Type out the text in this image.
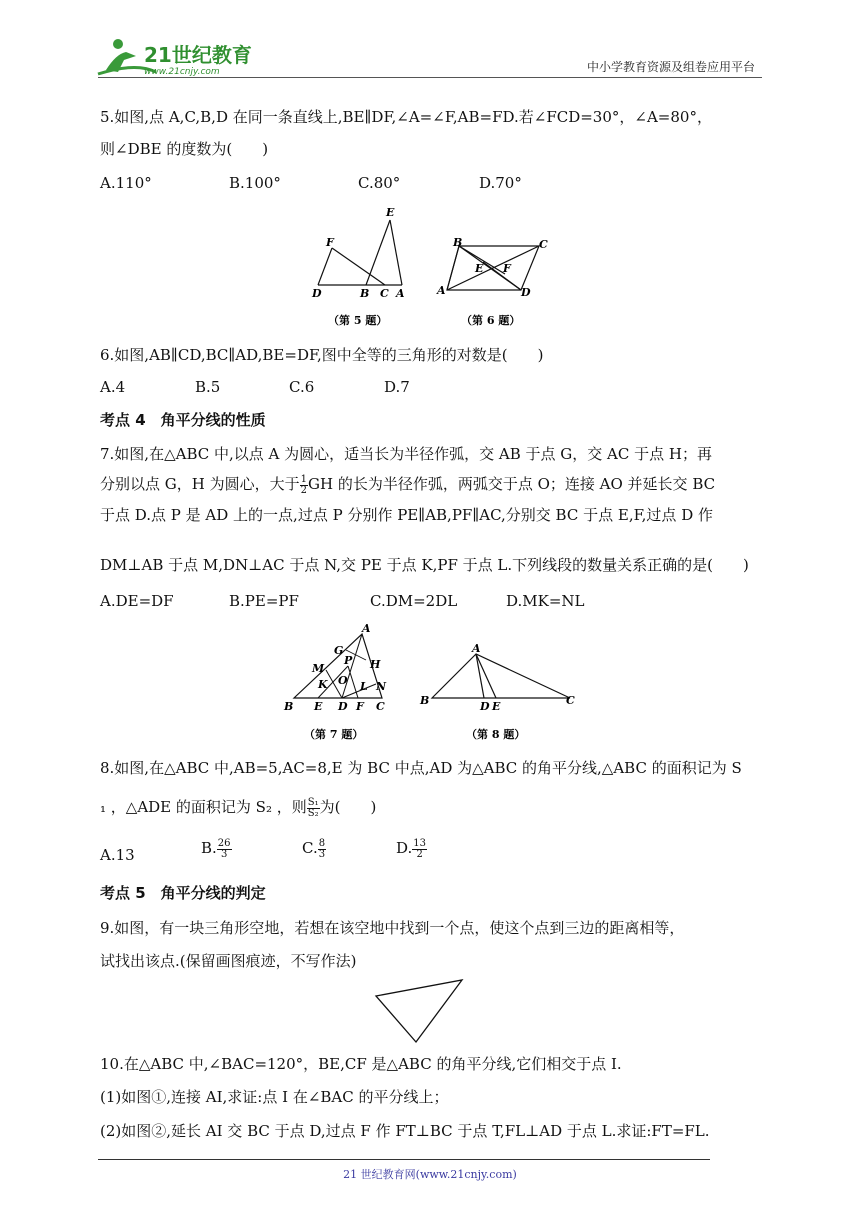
21世纪教育
www.21cnjy.com	中小学教育资源及组卷应用平台
5.如图,点 A,C,B,D 在同一条直线上,BE∥DF,∠A=∠F,AB=FD.若∠FCD=30°，∠A=80°，
则∠DBE 的度数为(　　)
A.110°	B.100°	C.80°	D.70°
E
F
D	B C A
（第 5 题）
B	C
E F
A	D
（第 6 题）
6.如图,AB∥CD,BC∥AD,BE=DF,图中全等的三角形的对数是(　　)
A.4	B.5	C.6	D.7
考点 4　角平分线的性质
7.如图,在△ABC 中,以点 A 为圆心，适当长为半径作弧，交 AB 于点 G，交 AC 于点 H；再
分别以点 G，H 为圆心，大于 $\frac{1}{2}$ GH 的长为半径作弧，两弧交于点 O；连接 AO 并延长交 BC
于点 D.点 P 是 AD 上的一点,过点 P 分别作 PE∥AB,PF∥AC,分别交 BC 于点 E,F,过点 D 作
DM⊥AB 于点 M,DN⊥AC 于点 N,交 PE 于点 K,PF 于点 L.下列线段的数量关系正确的是(　　)
A.DE=DF	B.PE=PF	C.DM=2DL	D.MK=NL
A
G
P H
M
O
K	L N
B E D F C
（第 7 题）
A
B	D E	C
（第 8 题）
8.如图,在△ABC 中,AB=5,AC=8,E 为 BC 中点,AD 为△ABC 的角平分线,△ABC 的面积记为 S
₁ ，△ADE 的面积记为 S₂ ，则 $\frac{\text{S₁}}{\text{S₂}}$ 为(　　)
A.13	B. $\frac{26}{3}$	C. $\frac{8}{3}$	D. $\frac{13}{2}$
考点 5　角平分线的判定
9.如图，有一块三角形空地，若想在该空地中找到一个点，使这个点到三边的距离相等，
试找出该点.(保留画图痕迹，不写作法)
10.在△ABC 中,∠BAC=120°，BE,CF 是△ABC 的角平分线,它们相交于点 I.
(1)如图①,连接 AI,求证:点 I 在∠BAC 的平分线上；
(2)如图②,延长 AI 交 BC 于点 D,过点 F 作 FT⊥BC 于点 T,FL⊥AD 于点 L.求证:FT=FL.
21 世纪教育网(www.21cnjy.com)
